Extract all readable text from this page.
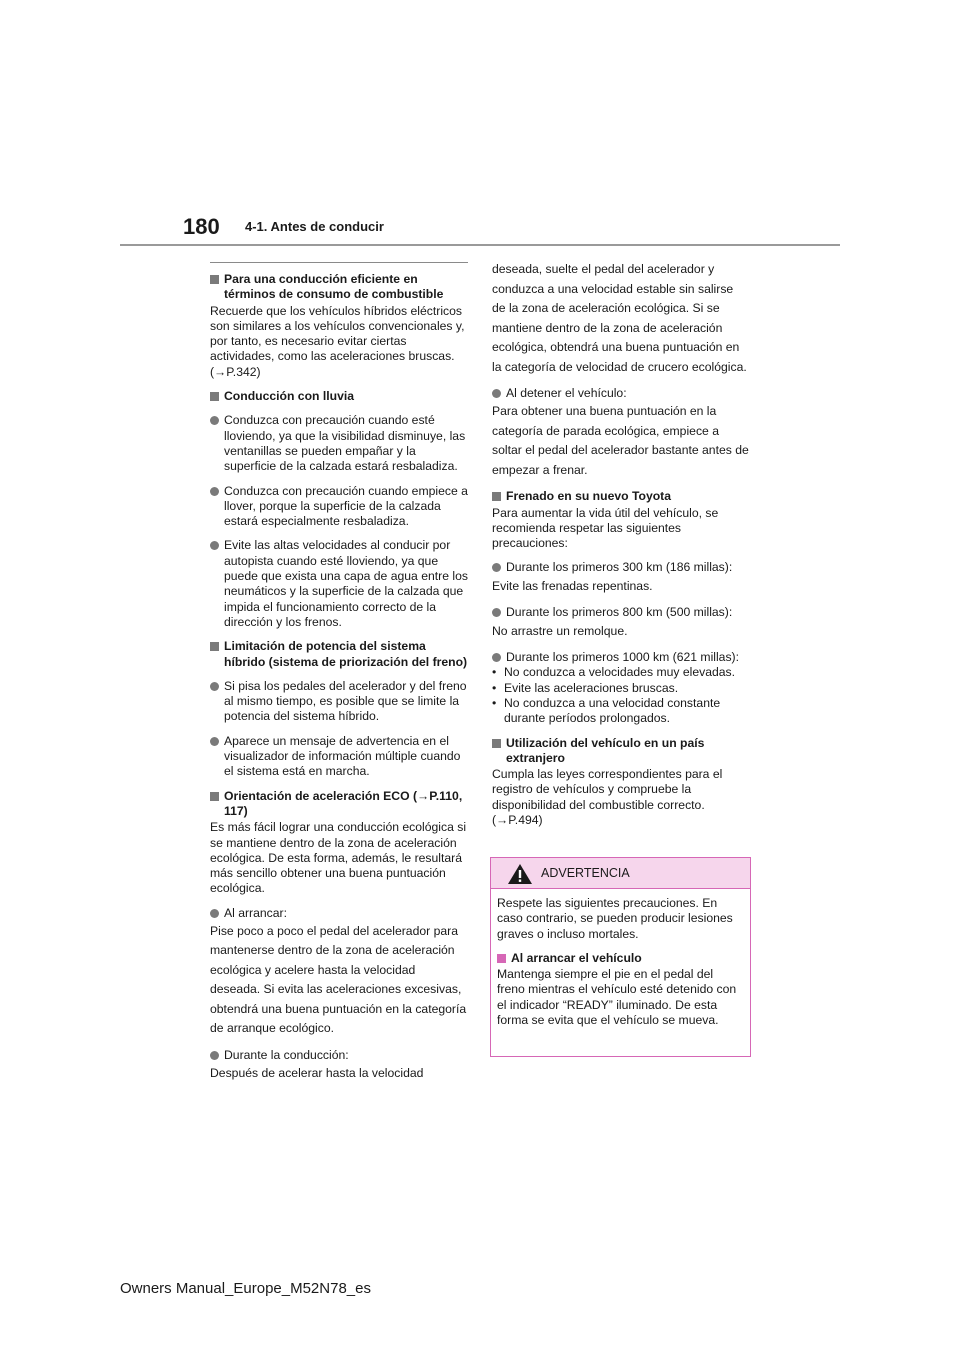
180 4-1. Antes de conducir
Para una conducción eficiente en términos de consumo de combustible
Recuerde que los vehículos híbridos eléctricos son similares a los vehículos convencionales y, por tanto, es necesario evitar ciertas actividades, como las aceleraciones bruscas. (→P.342)
Conducción con lluvia
Conduzca con precaución cuando esté lloviendo, ya que la visibilidad disminuye, las ventanillas se pueden empañar y la superficie de la calzada estará resbaladiza.
Conduzca con precaución cuando empiece a llover, porque la superficie de la calzada estará especialmente resbaladiza.
Evite las altas velocidades al conducir por autopista cuando esté lloviendo, ya que puede que exista una capa de agua entre los neumáticos y la superficie de la calzada que impida el funcionamiento correcto de la dirección y los frenos.
Limitación de potencia del sistema híbrido (sistema de priorización del freno)
Si pisa los pedales del acelerador y del freno al mismo tiempo, es posible que se limite la potencia del sistema híbrido.
Aparece un mensaje de advertencia en el visualizador de información múltiple cuando el sistema está en marcha.
Orientación de aceleración ECO (→P.110, 117)
Es más fácil lograr una conducción ecológica si se mantiene dentro de la zona de aceleración ecológica. De esta forma, además, le resultará más sencillo obtener una buena puntuación ecológica.
Al arrancar:
Pise poco a poco el pedal del acelerador para mantenerse dentro de la zona de aceleración ecológica y acelere hasta la velocidad deseada. Si evita las aceleraciones excesivas, obtendrá una buena puntuación en la categoría de arranque ecológico.
Durante la conducción:
Después de acelerar hasta la velocidad
deseada, suelte el pedal del acelerador y conduzca a una velocidad estable sin salirse de la zona de aceleración ecológica. Si se mantiene dentro de la zona de aceleración ecológica, obtendrá una buena puntuación en la categoría de velocidad de crucero ecológica.
Al detener el vehículo:
Para obtener una buena puntuación en la categoría de parada ecológica, empiece a soltar el pedal del acelerador bastante antes de empezar a frenar.
Frenado en su nuevo Toyota
Para aumentar la vida útil del vehículo, se recomienda respetar las siguientes precauciones:
Durante los primeros 300 km (186 millas):
Evite las frenadas repentinas.
Durante los primeros 800 km (500 millas):
No arrastre un remolque.
Durante los primeros 1000 km (621 millas):
• No conduzca a velocidades muy elevadas.
• Evite las aceleraciones bruscas.
• No conduzca a una velocidad constante durante períodos prolongados.
Utilización del vehículo en un país extranjero
Cumpla las leyes correspondientes para el registro de vehículos y compruebe la disponibilidad del combustible correcto. (→P.494)
ADVERTENCIA
Respete las siguientes precauciones. En caso contrario, se pueden producir lesiones graves o incluso mortales.
Al arrancar el vehículo
Mantenga siempre el pie en el pedal del freno mientras el vehículo esté detenido con el indicador “READY” iluminado. De esta forma se evita que el vehículo se mueva.
Owners Manual_Europe_M52N78_es
